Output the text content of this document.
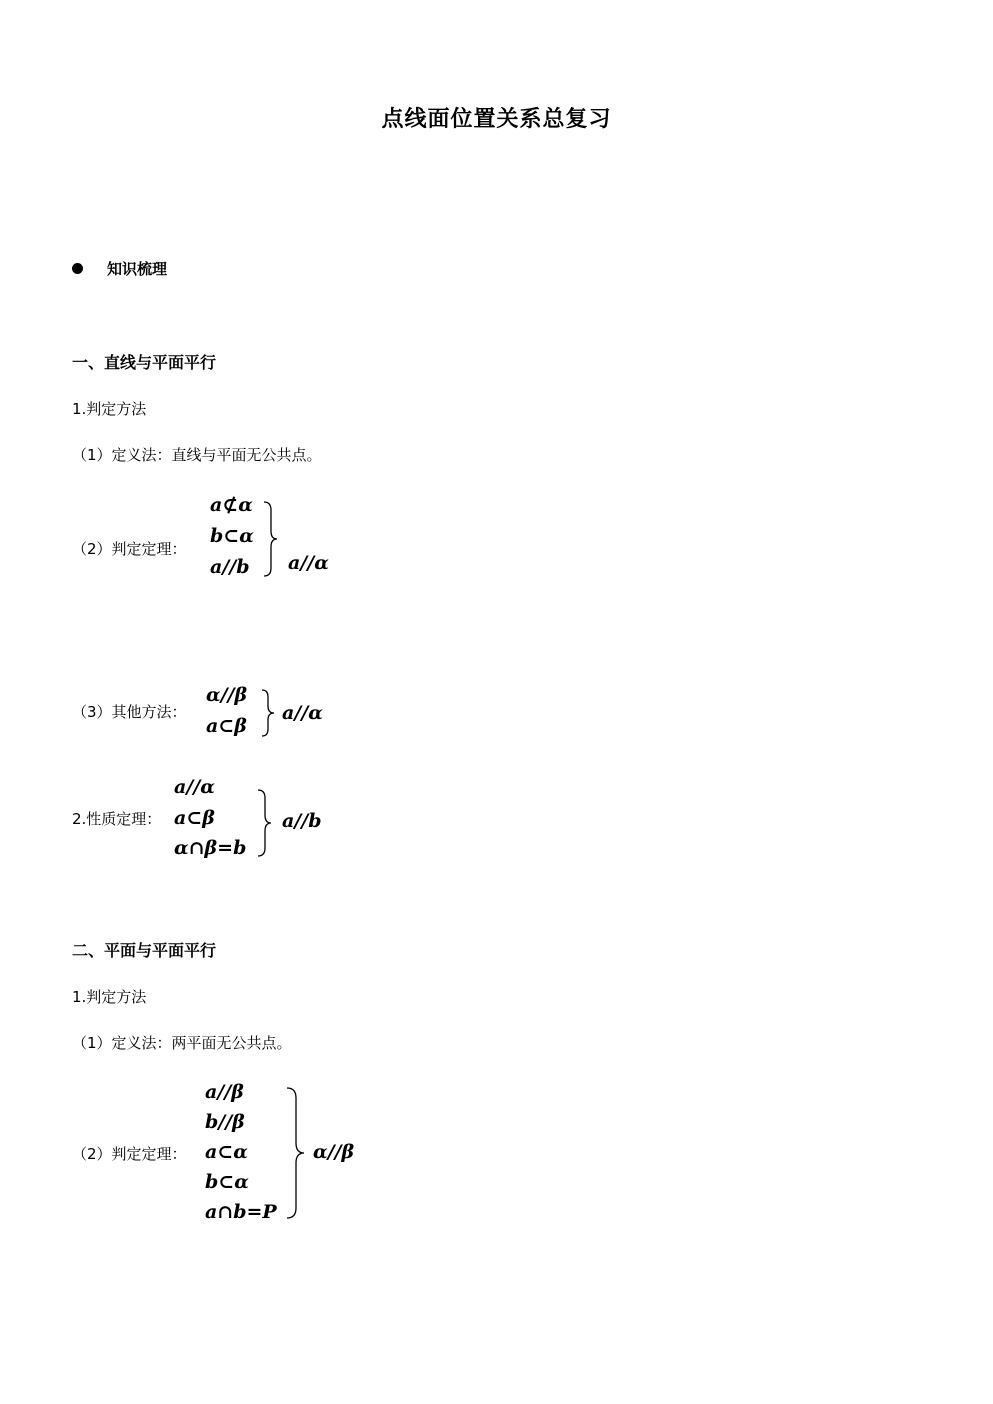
点线面位置关系总复习
知识梳理
一、直线与平面平行
1.判定方法
（1）定义法：直线与平面无公共点。
（2）判定定理：
a⊄α
b⊂α
a//b a//α
（3）其他方法：
α//β
a⊂β
a//α
2.性质定理：
a//α
a⊂β
α∩β=b
a//b
二、平面与平面平行
1.判定方法
（1）定义法：两平面无公共点。
（2）判定定理：
a//β
b//β
a⊂α
b⊂α
a∩b=P
α//β
